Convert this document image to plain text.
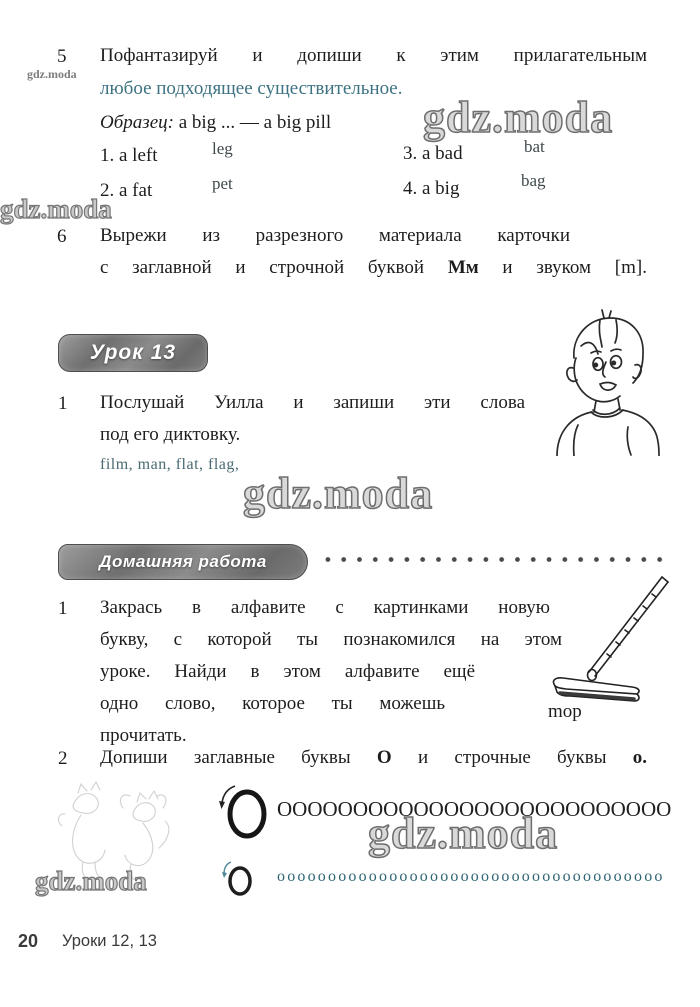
5
gdz.moda
Пофантазируй и допиши к этим прилагательным
любое подходящее существительное.
Образец: a big ... — a big pill gdz.moda
1. a left	leg	3. a bad	bat
2. a fat	pet	4. a big	bag
gdz.moda
6 Вырежи из разрезного материала карточки
с заглавной и строчной буквой Мм и звуком [m].
Урок 13
1 Послушай Уилла и запиши эти слова
под его диктовку.
film, man, flat, flag,
gdz.moda
Домашняя работа
1 Закрась в алфавите с картинками новую
букву, с которой ты познакомился на этом
уроке. Найди в этом алфавите ещё
одно слово, которое ты можешь
прочитать.
mop
2 Допиши заглавные буквы О и строчные буквы о.
gdz.moda
OOOOOOOOOOOOOOOOOOOOOOOOOO
gdz.moda
oooooooooooooooooooooooooooooooooooooo
20 Уроки 12, 13
